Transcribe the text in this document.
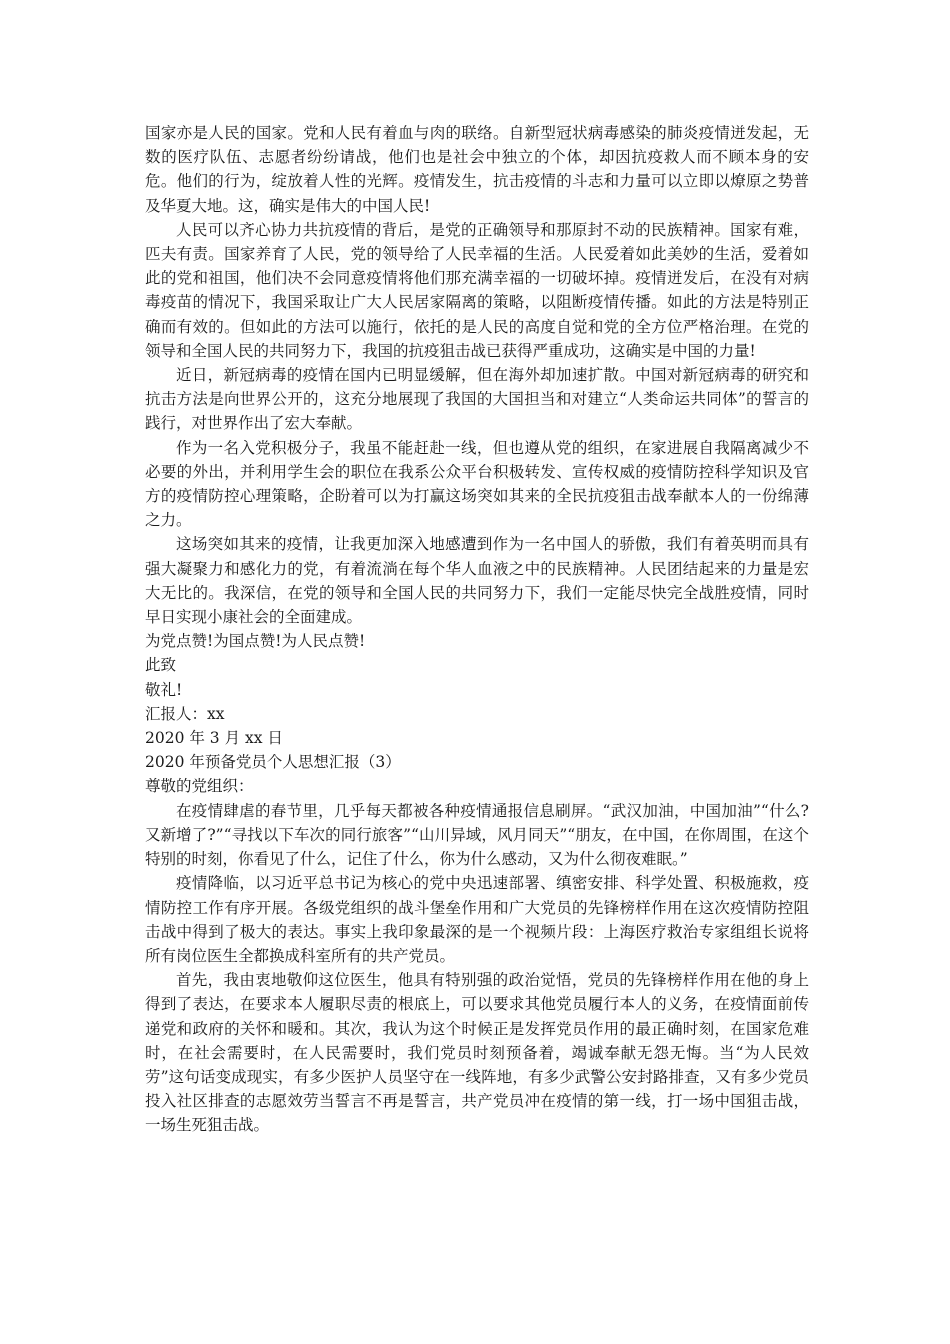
国家亦是人民的国家。党和人民有着血与肉的联络。自新型冠状病毒感染的肺炎疫情迸发起，无数的医疗队伍、志愿者纷纷请战，他们也是社会中独立的个体，却因抗疫救人而不顾本身的安危。他们的行为，绽放着人性的光辉。疫情发生，抗击疫情的斗志和力量可以立即以燎原之势普及华夏大地。这，确实是伟大的中国人民!

人民可以齐心协力共抗疫情的背后，是党的正确领导和那原封不动的民族精神。国家有难，匹夫有责。国家养育了人民，党的领导给了人民幸福的生活。人民爱着如此美妙的生活，爱着如此的党和祖国，他们决不会同意疫情将他们那充满幸福的一切破坏掉。疫情迸发后，在没有对病毒疫苗的情况下，我国采取让广大人民居家隔离的策略，以阻断疫情传播。如此的方法是特别正确而有效的。但如此的方法可以施行，依托的是人民的高度自觉和党的全方位严格治理。在党的领导和全国人民的共同努力下，我国的抗疫狙击战已获得严重成功，这确实是中国的力量!

近日，新冠病毒的疫情在国内已明显缓解，但在海外却加速扩散。中国对新冠病毒的研究和抗击方法是向世界公开的，这充分地展现了我国的大国担当和对建立“人类命运共同体”的誓言的践行，对世界作出了宏大奉献。

作为一名入党积极分子，我虽不能赶赴一线，但也遵从党的组织，在家进展自我隔离减少不必要的外出，并利用学生会的职位在我系公众平台积极转发、宣传权威的疫情防控科学知识及官方的疫情防控心理策略，企盼着可以为打赢这场突如其来的全民抗疫狙击战奉献本人的一份绵薄之力。

这场突如其来的疫情，让我更加深入地感遭到作为一名中国人的骄傲，我们有着英明而具有强大凝聚力和感化力的党，有着流淌在每个华人血液之中的民族精神。人民团结起来的力量是宏大无比的。我深信，在党的领导和全国人民的共同努力下，我们一定能尽快完全战胜疫情，同时早日实现小康社会的全面建成。

为党点赞!为国点赞!为人民点赞!

此致

敬礼!

汇报人：xx

2020 年 3 月 xx 日

2020 年预备党员个人思想汇报（3）

尊敬的党组织：

在疫情肆虐的春节里，几乎每天都被各种疫情通报信息刷屏。“武汉加油，中国加油”“什么?又新增了?”“寻找以下车次的同行旅客”“山川异域，风月同天”“朋友，在中国，在你周围，在这个特别的时刻，你看见了什么，记住了什么，你为什么感动，又为什么彻夜难眠。”

疫情降临，以习近平总书记为核心的党中央迅速部署、缜密安排、科学处置、积极施救，疫情防控工作有序开展。各级党组织的战斗堡垒作用和广大党员的先锋榜样作用在这次疫情防控阻击战中得到了极大的表达。事实上我印象最深的是一个视频片段：上海医疗救治专家组组长说将所有岗位医生全都换成科室所有的共产党员。

首先，我由衷地敬仰这位医生，他具有特别强的政治觉悟，党员的先锋榜样作用在他的身上得到了表达，在要求本人履职尽责的根底上，可以要求其他党员履行本人的义务，在疫情面前传递党和政府的关怀和暖和。其次，我认为这个时候正是发挥党员作用的最正确时刻，在国家危难时，在社会需要时，在人民需要时，我们党员时刻预备着，竭诚奉献无怨无悔。当“为人民效劳”这句话变成现实，有多少医护人员坚守在一线阵地，有多少武警公安封路排查，又有多少党员投入社区排查的志愿效劳当誓言不再是誓言，共产党员冲在疫情的第一线，打一场中国狙击战，一场生死狙击战。
